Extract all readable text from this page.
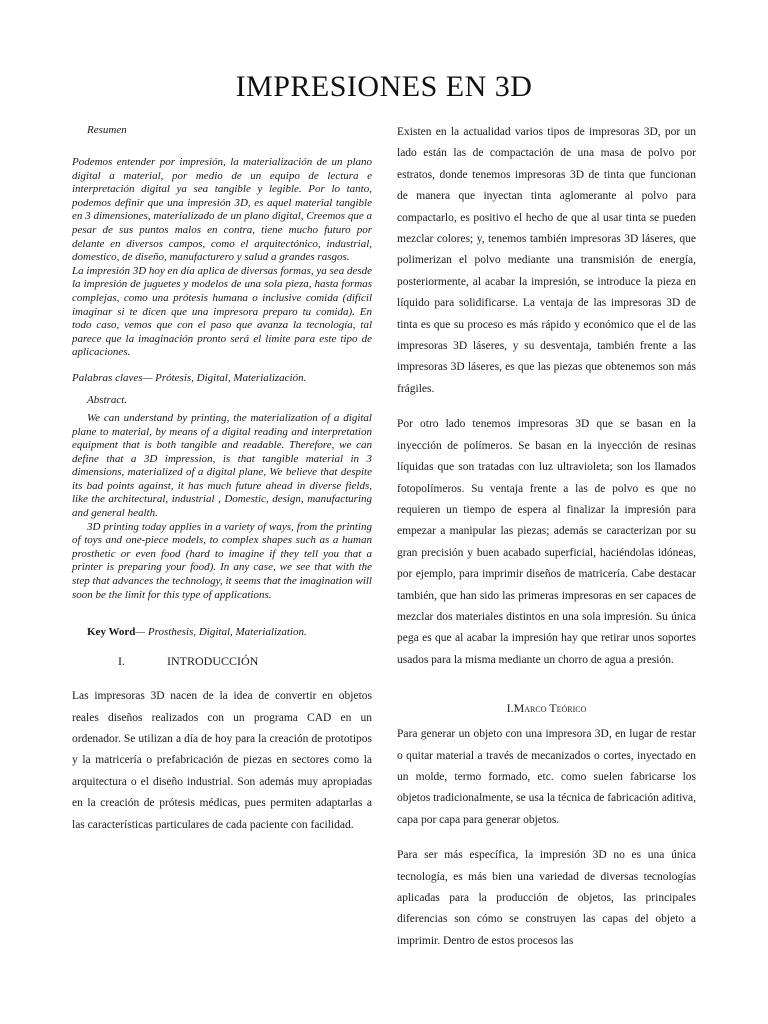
IMPRESIONES EN 3D

Resumen

Podemos entender por impresión, la materialización de un plano digital a material, por medio de un equipo de lectura e interpretación digital ya sea tangible y legible. Por lo tanto, podemos definir que una impresión 3D, es aquel material tangible en 3 dimensiones, materializado de un plano digital, Creemos que a pesar de sus puntos malos en contra, tiene mucho futuro por delante en diversos campos, como el arquitectónico, industrial, domestico, de diseño, manufacturero y salud a grandes rasgos.

La impresión 3D hoy en día aplica de diversas formas, ya sea desde la impresión de juguetes y modelos de una sola pieza, hasta formas complejas, como una prótesis humana o inclusive comida (difícil imaginar si te dicen que una impresora preparo tu comida). En todo caso, vemos que con el paso que avanza la tecnología, tal parece que la imaginación pronto será el límite para este tipo de aplicaciones.

Palabras claves— Prótesis, Digital, Materialización.

Abstract.

We can understand by printing, the materialization of a digital plane to material, by means of a digital reading and interpretation equipment that is both tangible and readable. Therefore, we can define that a 3D impression, is that tangible material in 3 dimensions, materialized of a digital plane, We believe that despite its bad points against, it has much future ahead in diverse fields, like the architectural, industrial , Domestic, design, manufacturing and general health.

3D printing today applies in a variety of ways, from the printing of toys and one-piece models, to complex shapes such as a human prosthetic or even food (hard to imagine if they tell you that a printer is preparing your food). In any case, we see that with the step that advances the technology, it seems that the imagination will soon be the limit for this type of applications.

Key Word— Prosthesis, Digital, Materialization.

I.	INTRODUCCIÓN

Las impresoras 3D nacen de la idea de convertir en objetos reales diseños realizados con un programa CAD en un ordenador. Se utilizan a día de hoy para la creación de prototipos y la matricería o prefabricación de piezas en sectores como la arquitectura o el diseño industrial. Son además muy apropiadas en la creación de prótesis médicas, pues permiten adaptarlas a las características particulares de cada paciente con facilidad.

Existen en la actualidad varios tipos de impresoras 3D, por un lado están las de compactación de una masa de polvo por estratos, donde tenemos impresoras 3D de tinta que funcionan de manera que inyectan tinta aglomerante al polvo para compactarlo, es positivo el hecho de que al usar tinta se pueden mezclar colores; y, tenemos también impresoras 3D láseres, que polimerizan el polvo mediante una transmisión de energía, posteriormente, al acabar la impresión, se introduce la pieza en líquido para solidificarse. La ventaja de las impresoras 3D de tinta es que su proceso es más rápido y económico que el de las impresoras 3D láseres, y su desventaja, también frente a las impresoras 3D láseres, es que las piezas que obtenemos son más frágiles.

Por otro lado tenemos impresoras 3D que se basan en la inyección de polímeros. Se basan en la inyección de resinas líquidas que son tratadas con luz ultravioleta; son los llamados fotopolímeros. Su ventaja frente a las de polvo es que no requieren un tiempo de espera al finalizar la impresión para empezar a manipular las piezas; además se caracterizan por su gran precisión y buen acabado superficial, haciéndolas idóneas, por ejemplo, para imprimir diseños de matricería. Cabe destacar también, que han sido las primeras impresoras en ser capaces de mezclar dos materiales distintos en una sola impresión. Su única pega es que al acabar la impresión hay que retirar unos soportes usados para la misma mediante un chorro de agua a presión.

I.Marco Teórico

Para generar un objeto con una impresora 3D, en lugar de restar o quitar material a través de mecanizados o cortes, inyectado en un molde, termo formado, etc. como suelen fabricarse los objetos tradicionalmente, se usa la técnica de fabricación aditiva, capa por capa para generar objetos.

Para ser más específica, la impresión 3D no es una única tecnología, es más bien una variedad de diversas tecnologías aplicadas para la producción de objetos, las principales diferencias son cómo se construyen las capas del objeto a imprimir. Dentro de estos procesos las
